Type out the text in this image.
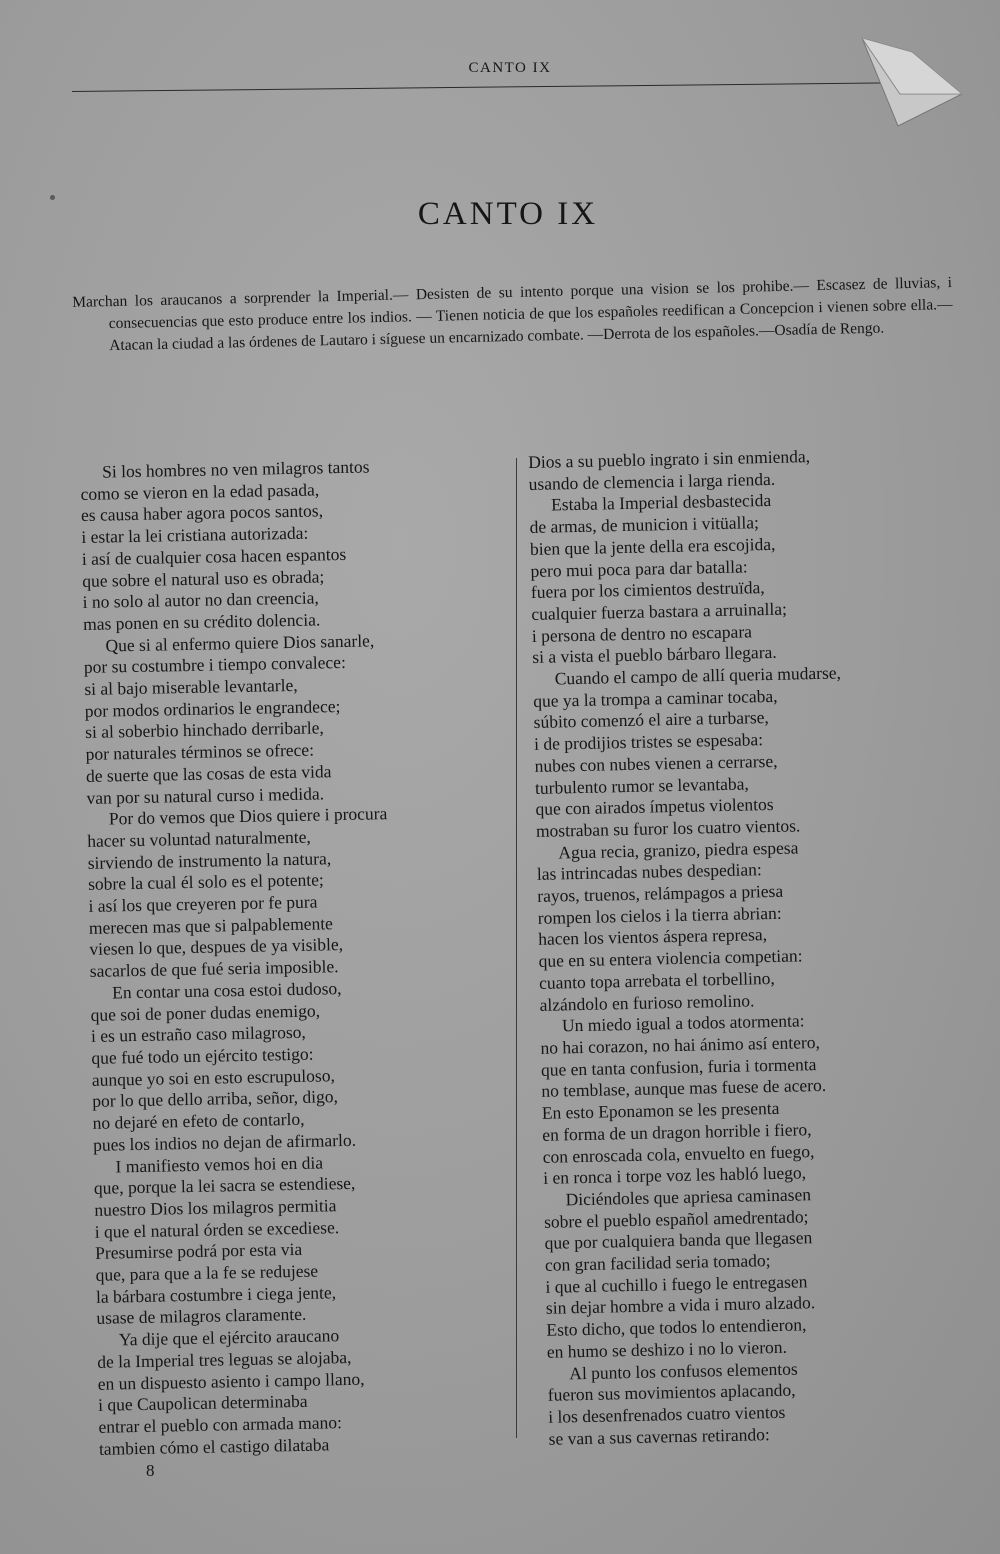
CANTO IX
CANTO IX

Marchan los araucanos a sorprender la Imperial.— Desisten de su intento porque una vision se los prohibe.— Escasez de lluvias, i consecuencias que esto produce entre los indios. — Tienen noticia de que los españoles reedifican a Concepcion i vienen sobre ella.— Atacan la ciudad a las órdenes de Lautaro i síguese un encarnizado combate. —Derrota de los españoles.—Osadía de Rengo.

Si los hombres no ven milagros tantos
como se vieron en la edad pasada,
es causa haber agora pocos santos,
i estar la lei cristiana autorizada:
i así de cualquier cosa hacen espantos
que sobre el natural uso es obrada;
i no solo al autor no dan creencia,
mas ponen en su crédito dolencia.
Que si al enfermo quiere Dios sanarle,
por su costumbre i tiempo convalece:
si al bajo miserable levantarle,
por modos ordinarios le engrandece;
si al soberbio hinchado derribarle,
por naturales términos se ofrece:
de suerte que las cosas de esta vida
van por su natural curso i medida.
Por do vemos que Dios quiere i procura
hacer su voluntad naturalmente,
sirviendo de instrumento la natura,
sobre la cual él solo es el potente;
i así los que creyeren por fe pura
merecen mas que si palpablemente
viesen lo que, despues de ya visible,
sacarlos de que fué seria imposible.
En contar una cosa estoi dudoso,
que soi de poner dudas enemigo,
i es un estraño caso milagroso,
que fué todo un ejército testigo:
aunque yo soi en esto escrupuloso,
por lo que dello arriba, señor, digo,
no dejaré en efeto de contarlo,
pues los indios no dejan de afirmarlo.
I manifiesto vemos hoi en dia
que, porque la lei sacra se estendiese,
nuestro Dios los milagros permitia
i que el natural órden se excediese.
Presumirse podrá por esta via
que, para que a la fe se redujese
la bárbara costumbre i ciega jente,
usase de milagros claramente.
Ya dije que el ejército araucano
de la Imperial tres leguas se alojaba,
en un dispuesto asiento i campo llano,
i que Caupolican determinaba
entrar el pueblo con armada mano:
tambien cómo el castigo dilataba
Dios a su pueblo ingrato i sin enmienda,
usando de clemencia i larga rienda.
Estaba la Imperial desbastecida
de armas, de municion i vitüalla;
bien que la jente della era escojida,
pero mui poca para dar batalla:
fuera por los cimientos destruïda,
cualquier fuerza bastara a arruinalla;
i persona de dentro no escapara
si a vista el pueblo bárbaro llegara.
Cuando el campo de allí queria mudarse,
que ya la trompa a caminar tocaba,
súbito comenzó el aire a turbarse,
i de prodijios tristes se espesaba:
nubes con nubes vienen a cerrarse,
turbulento rumor se levantaba,
que con airados ímpetus violentos
mostraban su furor los cuatro vientos.
Agua recia, granizo, piedra espesa
las intrincadas nubes despedian:
rayos, truenos, relámpagos a priesa
rompen los cielos i la tierra abrian:
hacen los vientos áspera represa,
que en su entera violencia competian:
cuanto topa arrebata el torbellino,
alzándolo en furioso remolino.
Un miedo igual a todos atormenta:
no hai corazon, no hai ánimo así entero,
que en tanta confusion, furia i tormenta
no temblase, aunque mas fuese de acero.
En esto Eponamon se les presenta
en forma de un dragon horrible i fiero,
con enroscada cola, envuelto en fuego,
i en ronca i torpe voz les habló luego,
Diciéndoles que apriesa caminasen
sobre el pueblo español amedrentado;
que por cualquiera banda que llegasen
con gran facilidad seria tomado;
i que al cuchillo i fuego le entregasen
sin dejar hombre a vida i muro alzado.
Esto dicho, que todos lo entendieron,
en humo se deshizo i no lo vieron.
Al punto los confusos elementos
fueron sus movimientos aplacando,
i los desenfrenados cuatro vientos
se van a sus cavernas retirando:
8
